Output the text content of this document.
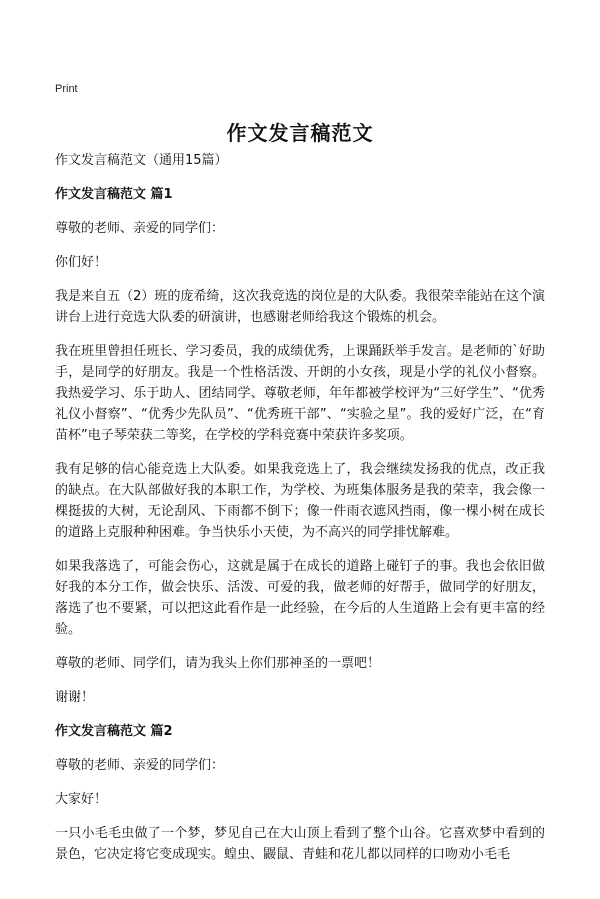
Print
作文发言稿范文
作文发言稿范文（通用15篇）
作文发言稿范文 篇1

尊敬的老师、亲爱的同学们：

你们好！

我是来自五（2）班的庞希绮，这次我竞选的岗位是的大队委。我很荣幸能站在这个演讲台上进行竞选大队委的研演讲，也感谢老师给我这个锻炼的机会。

我在班里曾担任班长、学习委员，我的成绩优秀，上课踊跃举手发言。是老师的`好助手，是同学的好朋友。我是一个性格活泼、开朗的小女孩，现是小学的礼仪小督察。我热爱学习、乐于助人、团结同学、尊敬老师，年年都被学校评为“三好学生”、“优秀礼仪小督察”、“优秀少先队员”、“优秀班干部”、“实验之星”。我的爱好广泛，在“育苗杯”电子琴荣获二等奖，在学校的学科竞赛中荣获许多奖项。

我有足够的信心能竞选上大队委。如果我竞选上了，我会继续发扬我的优点，改正我的缺点。在大队部做好我的本职工作，为学校、为班集体服务是我的荣幸，我会像一棵挺拔的大树，无论刮风、下雨都不倒下；像一件雨衣遮风挡雨，像一棵小树在成长的道路上克服种种困难。争当快乐小天使，为不高兴的同学排忧解难。

如果我落选了，可能会伤心，这就是属于在成长的道路上碰钉子的事。我也会依旧做好我的本分工作，做会快乐、活泼、可爱的我，做老师的好帮手，做同学的好朋友，落选了也不要紧，可以把这此看作是一此经验，在今后的人生道路上会有更丰富的经验。

尊敬的老师、同学们，请为我头上你们那神圣的一票吧！

谢谢！

作文发言稿范文 篇2

尊敬的老师、亲爱的同学们：

大家好！

一只小毛毛虫做了一个梦，梦见自己在大山顶上看到了整个山谷。它喜欢梦中看到的景色，它决定将它变成现实。蝗虫、鼹鼠、青蛙和花儿都以同样的口吻劝小毛毛
